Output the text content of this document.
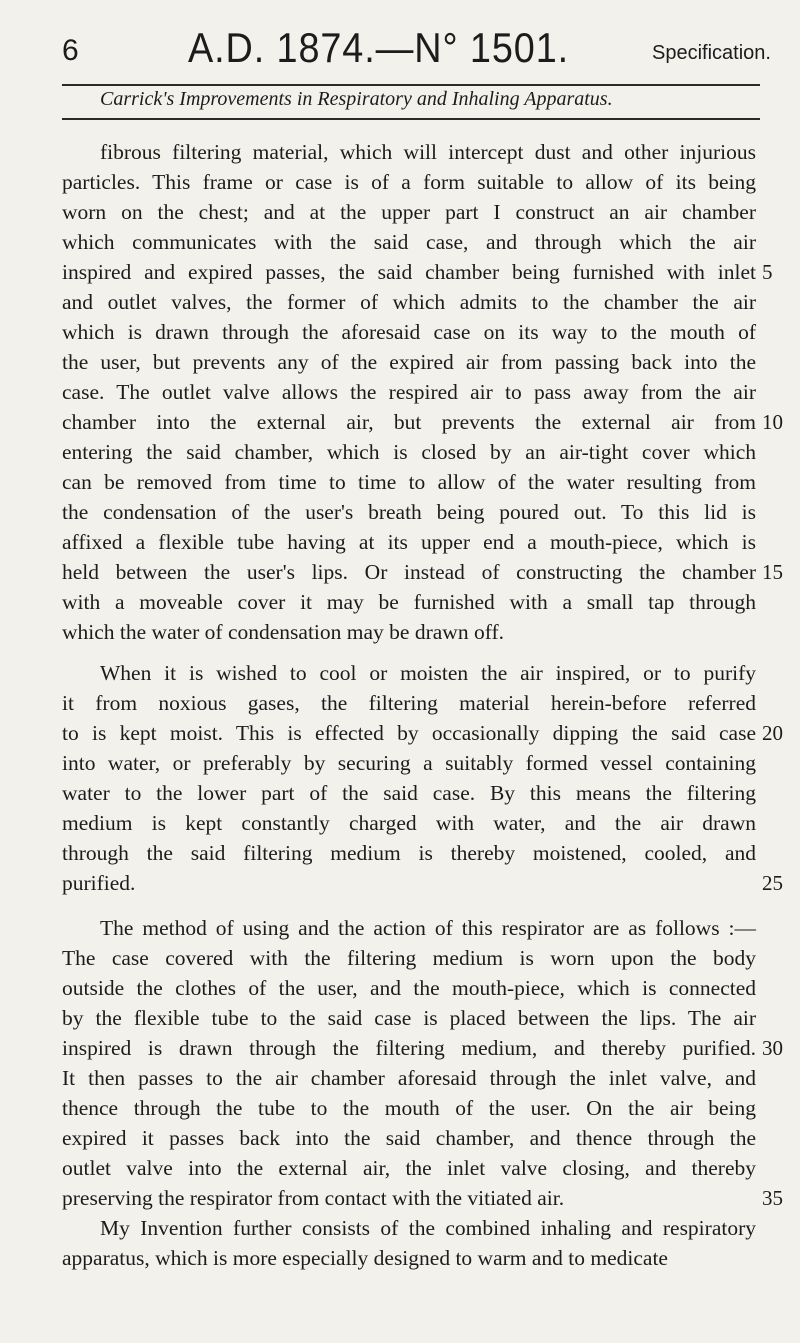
6	A.D. 1874.—N° 1501.	Specification.
Carrick's Improvements in Respiratory and Inhaling Apparatus.
fibrous filtering material, which will intercept dust and other injurious
particles. This frame or case is of a form suitable to allow of its being
worn on the chest; and at the upper part I construct an air chamber
which communicates with the said case, and through which the air
inspired and expired passes, the said chamber being furnished with inlet
and outlet valves, the former of which admits to the chamber the air
which is drawn through the aforesaid case on its way to the mouth of
the user, but prevents any of the expired air from passing back into the
case. The outlet valve allows the respired air to pass away from the air
chamber into the external air, but prevents the external air from
entering the said chamber, which is closed by an air-tight cover which
can be removed from time to time to allow of the water resulting from
the condensation of the user's breath being poured out. To this lid is
affixed a flexible tube having at its upper end a mouth-piece, which is
held between the user's lips. Or instead of constructing the chamber
with a moveable cover it may be furnished with a small tap through
which the water of condensation may be drawn off.
When it is wished to cool or moisten the air inspired, or to purify
it from noxious gases, the filtering material herein-before referred
to is kept moist. This is effected by occasionally dipping the said case
into water, or preferably by securing a suitably formed vessel containing
water to the lower part of the said case. By this means the filtering
medium is kept constantly charged with water, and the air drawn
through the said filtering medium is thereby moistened, cooled, and
purified.
The method of using and the action of this respirator are as follows :—
The case covered with the filtering medium is worn upon the body
outside the clothes of the user, and the mouth-piece, which is connected
by the flexible tube to the said case is placed between the lips. The air
inspired is drawn through the filtering medium, and thereby purified.
It then passes to the air chamber aforesaid through the inlet valve, and
thence through the tube to the mouth of the user. On the air being
expired it passes back into the said chamber, and thence through the
outlet valve into the external air, the inlet valve closing, and thereby
preserving the respirator from contact with the vitiated air.
My Invention further consists of the combined inhaling and respiratory
apparatus, which is more especially designed to warm and to medicate
5
10
15
20
25
30
35
